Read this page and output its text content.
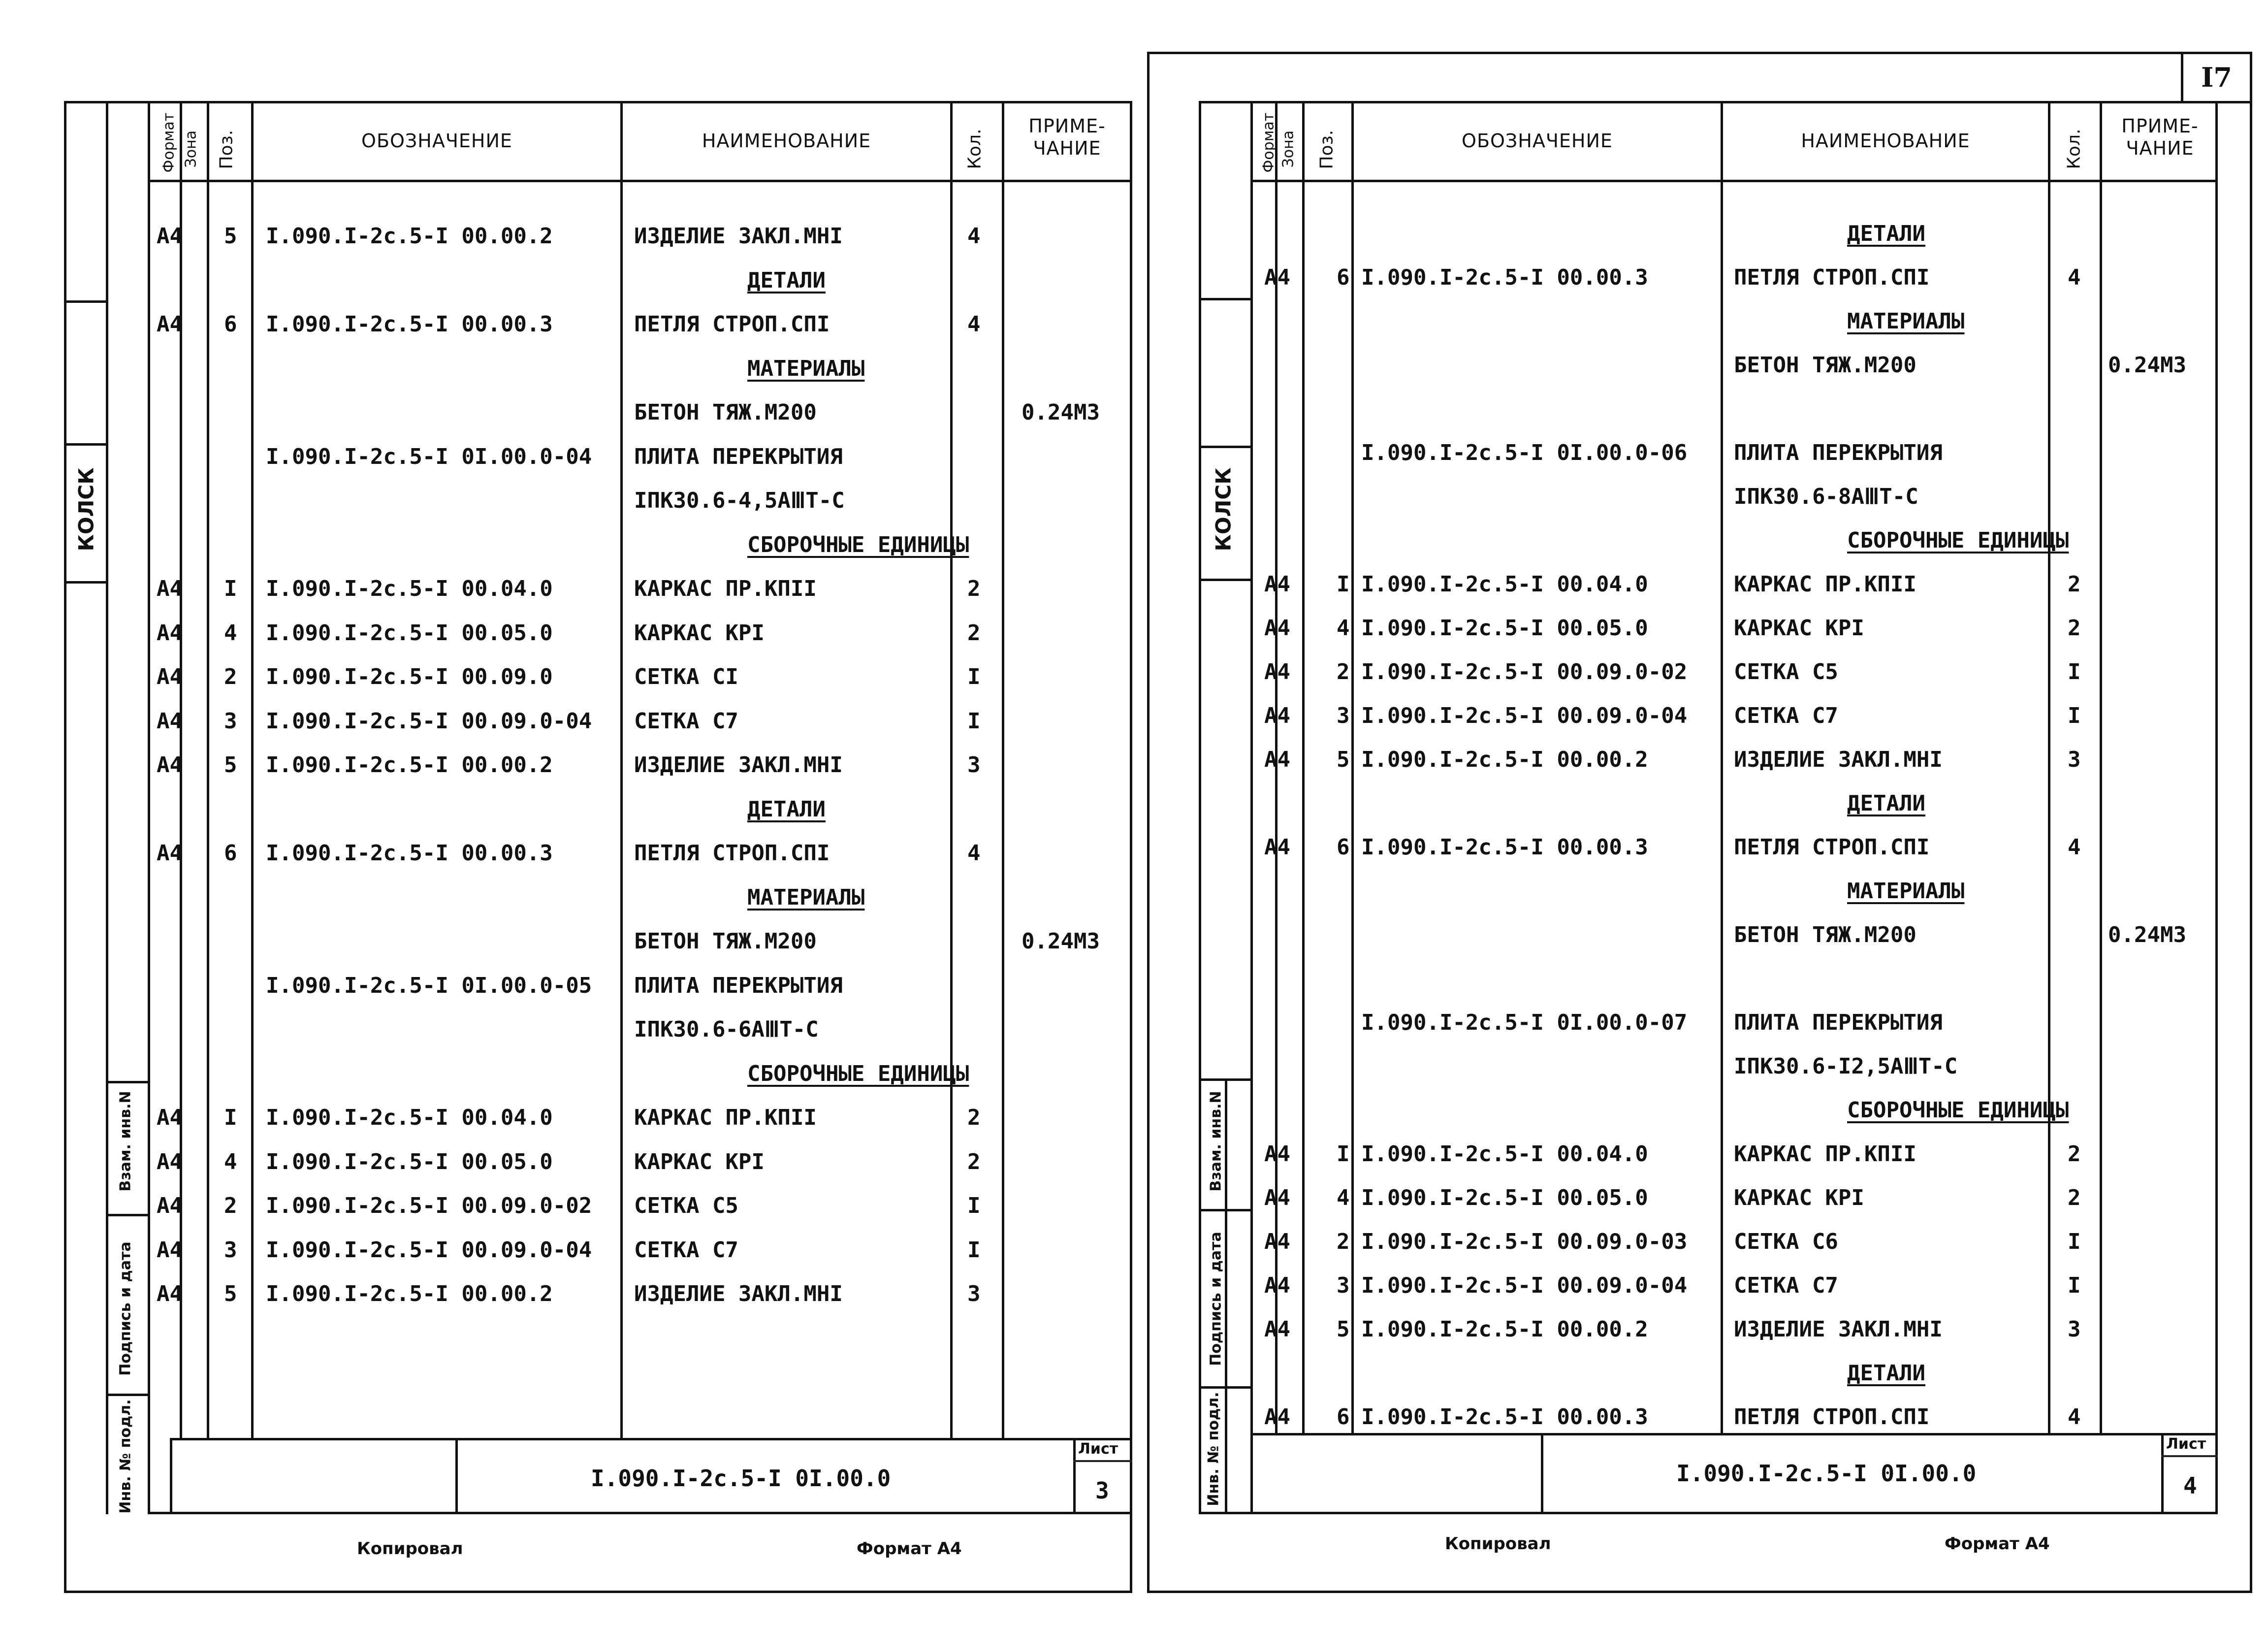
КОЛСК
Взам. инв.N
Подпись и дата
Инв. № подл.
Формат Зона Поз.	ОБОЗНАЧЕНИЕ	НАИМЕНОВАНИЕ	Кол.
ПРИМЕ-
ЧАНИЕ
А4 5 I.090.I-2c.5-I 00.00.2	ИЗДЕЛИЕ ЗАКЛ.МНI	4
ДЕТАЛИ
А4 6 I.090.I-2c.5-I 00.00.3	ПЕТЛЯ СТРОП.СПI	4
МАТЕРИАЛЫ
БЕТОН ТЯЖ.М200	0.24М3
I.090.I-2c.5-I 0I.00.0-04 ПЛИТА ПЕРЕКРЫТИЯ
IПК30.6-4,5АⅢТ-С
СБОРОЧНЫЕ ЕДИНИЦЫ
А4 I I.090.I-2c.5-I 00.04.0	КАРКАС ПР.КПII	2
А4 4 I.090.I-2c.5-I 00.05.0	КАРКАС КРI	2
А4 2 I.090.I-2c.5-I 00.09.0	СЕТКА СI	I
А4 3 I.090.I-2c.5-I 00.09.0-04 СЕТКА С7	I
А4 5 I.090.I-2c.5-I 00.00.2	ИЗДЕЛИЕ ЗАКЛ.МНI	3
ДЕТАЛИ
А4 6 I.090.I-2c.5-I 00.00.3	ПЕТЛЯ СТРОП.СПI	4
МАТЕРИАЛЫ
БЕТОН ТЯЖ.М200	0.24М3
I.090.I-2c.5-I 0I.00.0-05 ПЛИТА ПЕРЕКРЫТИЯ
IПК30.6-6АⅢТ-С
СБОРОЧНЫЕ ЕДИНИЦЫ
А4 I I.090.I-2c.5-I 00.04.0	КАРКАС ПР.КПII	2
А4 4 I.090.I-2c.5-I 00.05.0	КАРКАС КРI	2
А4 2 I.090.I-2c.5-I 00.09.0-02 СЕТКА С5	I
А4 3 I.090.I-2c.5-I 00.09.0-04 СЕТКА С7	I
А4 5 I.090.I-2c.5-I 00.00.2	ИЗДЕЛИЕ ЗАКЛ.МНI	3
I.090.I-2c.5-I 0I.00.0
Лист
3
Копировал	Формат А4
I7
КОЛСК
Взам. инв.N
Подпись и дата
Инв. № подл.
Формат Зона Поз.	ОБОЗНАЧЕНИЕ	НАИМЕНОВАНИЕ	Кол.
ПРИМЕ-
ЧАНИЕ
ДЕТАЛИ
А4 6 I.090.I-2c.5-I 00.00.3	ПЕТЛЯ СТРОП.СПI	4
МАТЕРИАЛЫ
БЕТОН ТЯЖ.М200	0.24М3
I.090.I-2c.5-I 0I.00.0-06 ПЛИТА ПЕРЕКРЫТИЯ
IПК30.6-8АⅢТ-С
СБОРОЧНЫЕ ЕДИНИЦЫ
А4 I I.090.I-2c.5-I 00.04.0	КАРКАС ПР.КПII	2
А4 4 I.090.I-2c.5-I 00.05.0	КАРКАС КРI	2
А4 2 I.090.I-2c.5-I 00.09.0-02 СЕТКА С5	I
А4 3 I.090.I-2c.5-I 00.09.0-04 СЕТКА С7	I
А4 5 I.090.I-2c.5-I 00.00.2	ИЗДЕЛИЕ ЗАКЛ.МНI	3
ДЕТАЛИ
А4 6 I.090.I-2c.5-I 00.00.3	ПЕТЛЯ СТРОП.СПI	4
МАТЕРИАЛЫ
БЕТОН ТЯЖ.М200	0.24М3
I.090.I-2c.5-I 0I.00.0-07 ПЛИТА ПЕРЕКРЫТИЯ
IПК30.6-I2,5АⅢТ-С
СБОРОЧНЫЕ ЕДИНИЦЫ
А4 I I.090.I-2c.5-I 00.04.0	КАРКАС ПР.КПII	2
А4 4 I.090.I-2c.5-I 00.05.0	КАРКАС КРI	2
А4 2 I.090.I-2c.5-I 00.09.0-03 СЕТКА С6	I
А4 3 I.090.I-2c.5-I 00.09.0-04 СЕТКА С7	I
А4 5 I.090.I-2c.5-I 00.00.2	ИЗДЕЛИЕ ЗАКЛ.МНI	3
ДЕТАЛИ
А4 6 I.090.I-2c.5-I 00.00.3	ПЕТЛЯ СТРОП.СПI	4
I.090.I-2c.5-I 0I.00.0
Лист
4
Копировал	Формат А4
